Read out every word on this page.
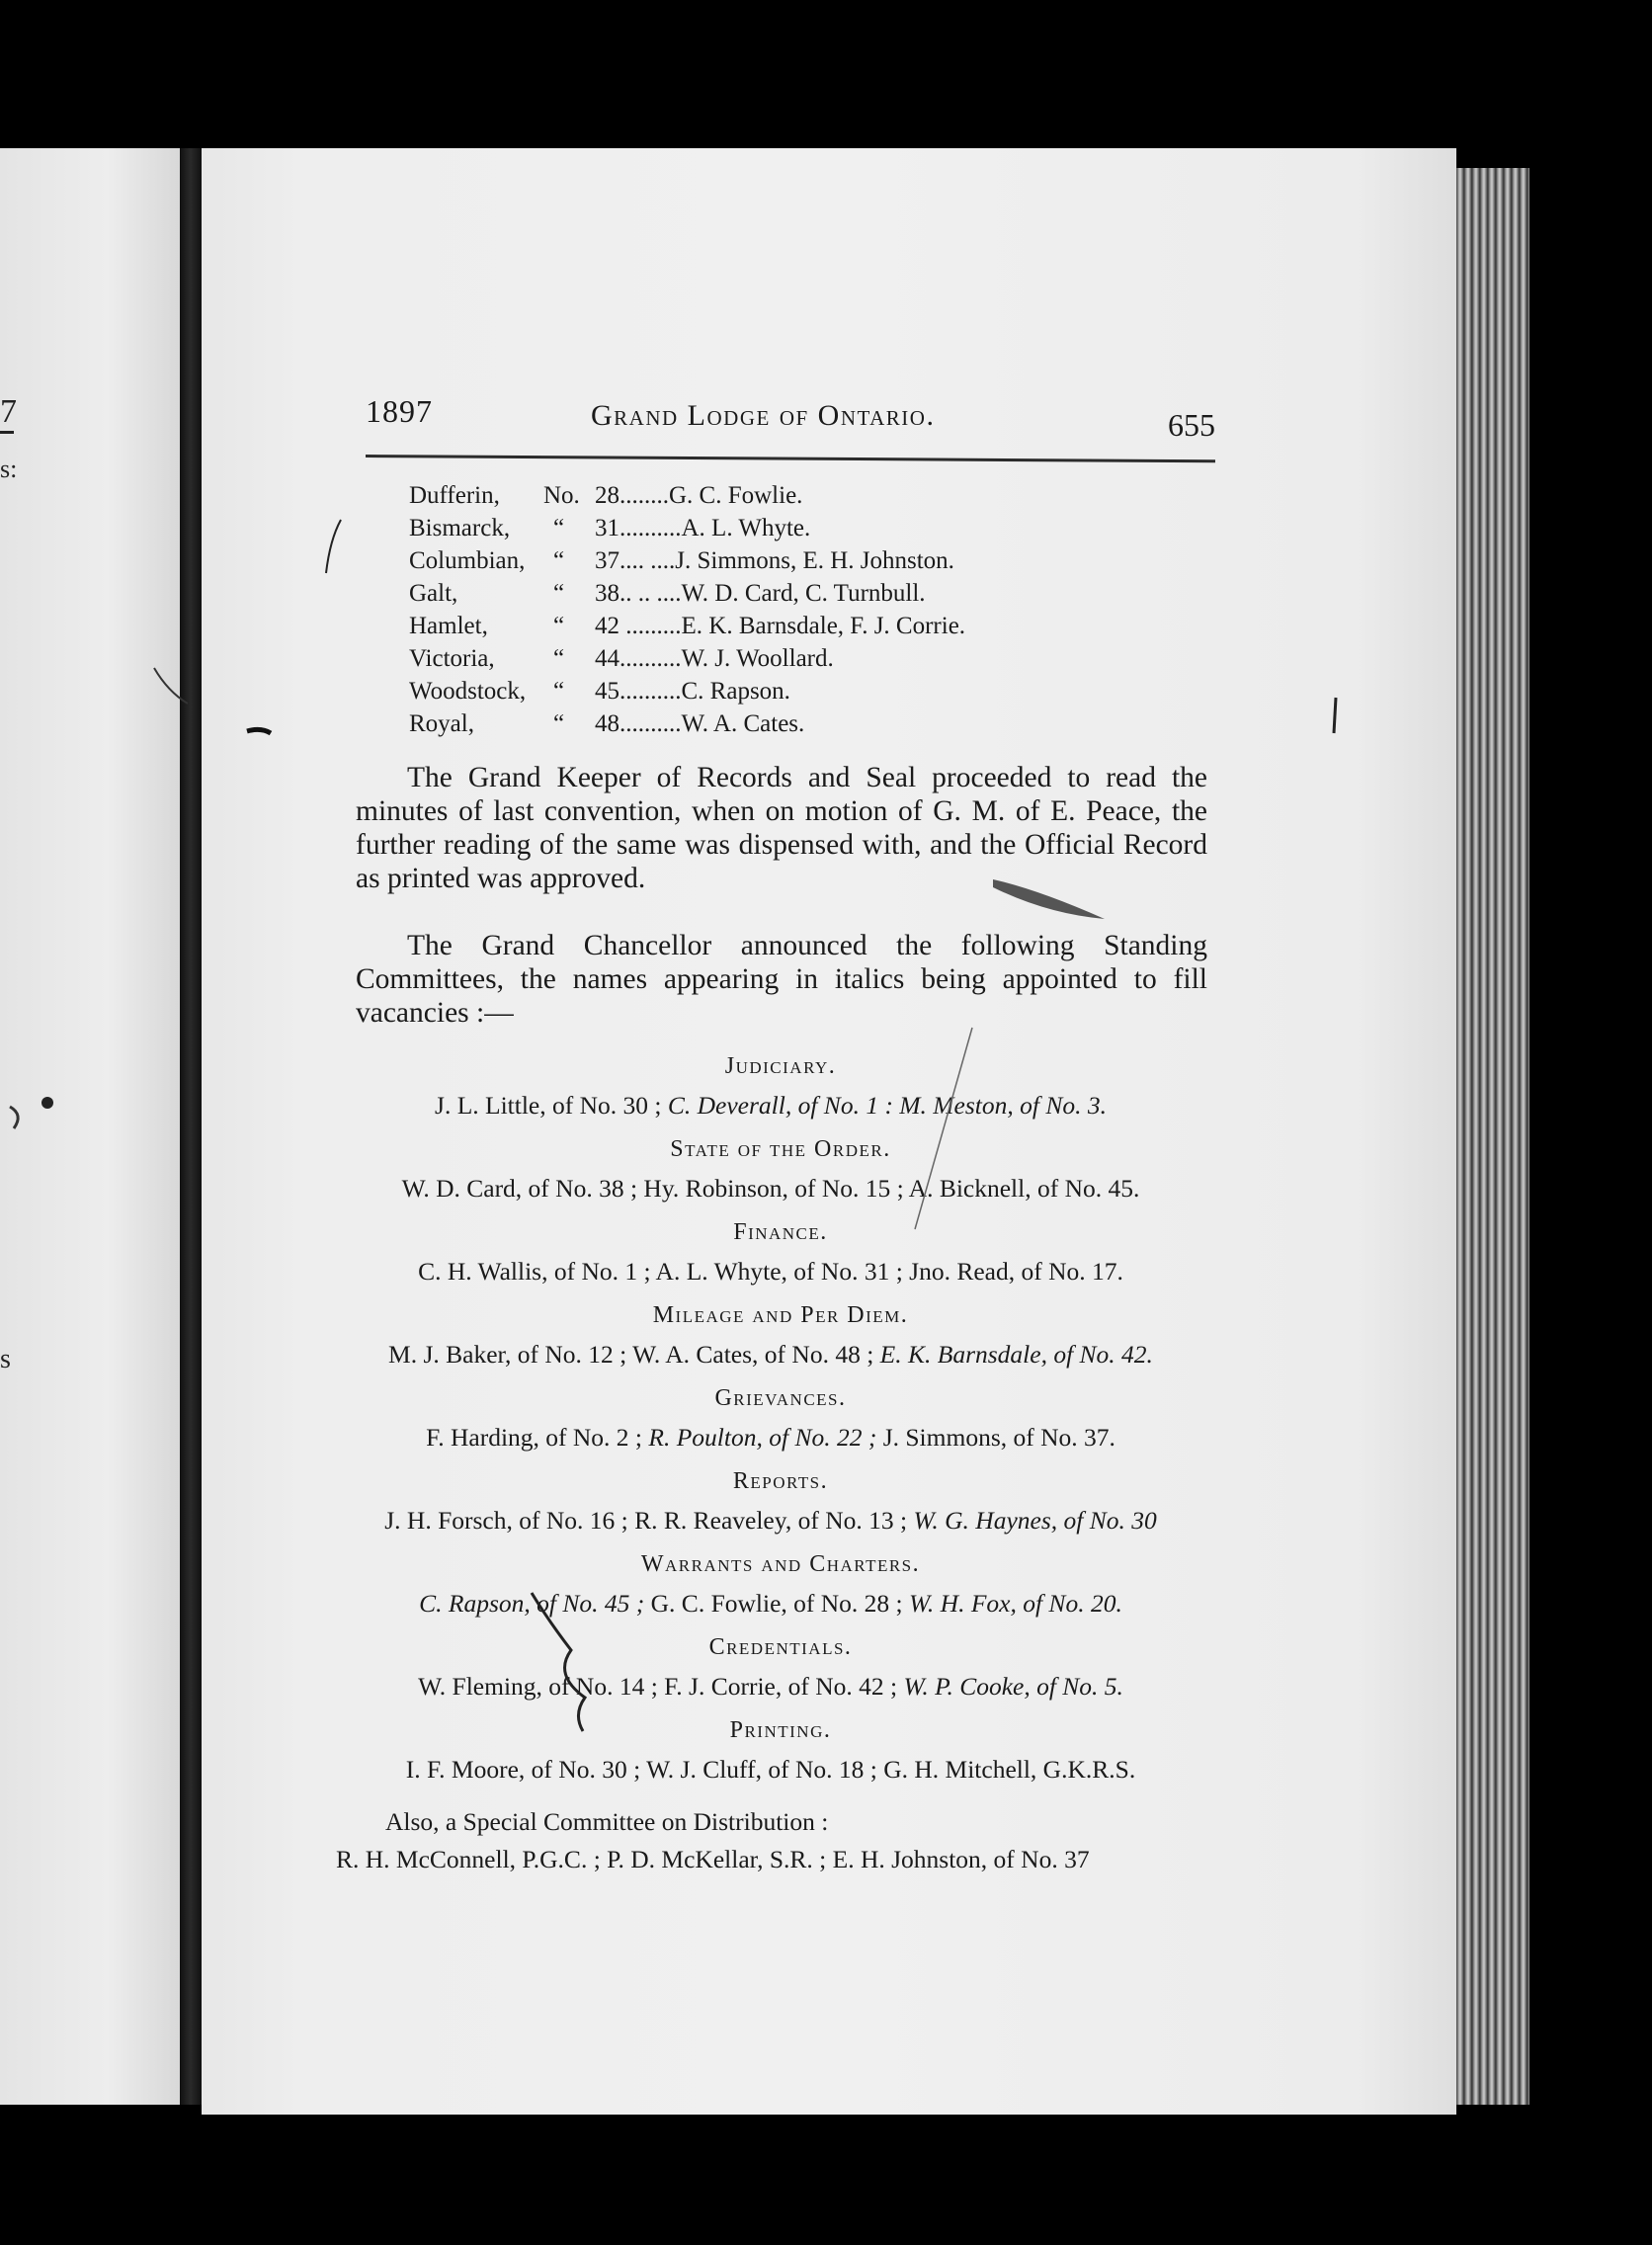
7
s:
s
1897	Grand Lodge of Ontario.	655
Dufferin, No. 28........G. C. Fowlie.
Bismarck, “ 31..........A. L. Whyte.
Columbian, “ 37.... ....J. Simmons, E. H. Johnston.
Galt,	“ 38.. .. ....W. D. Card, C. Turnbull.
Hamlet,	“ 42 .........E. K. Barnsdale, F. J. Corrie.
Victoria, “ 44..........W. J. Woollard.
Woodstock, “ 45..........C. Rapson.
Royal,	“ 48..........W. A. Cates.

The Grand Keeper of Records and Seal proceeded to read the minutes of last convention, when on motion of G. M. of E. Peace, the further reading of the same was dispensed with, and the Official Record as printed was approved.

The Grand Chancellor announced the following Standing Committees, the names appearing in italics being appointed to fill vacancies :—

Judiciary.
J. L. Little, of No. 30 ; C. Deverall, of No. 1 : M. Meston, of No. 3.
State of the Order.
W. D. Card, of No. 38 ; Hy. Robinson, of No. 15 ; A. Bicknell, of No. 45.
Finance.
C. H. Wallis, of No. 1 ; A. L. Whyte, of No. 31 ; Jno. Read, of No. 17.
Mileage and Per Diem.
M. J. Baker, of No. 12 ; W. A. Cates, of No. 48 ; E. K. Barnsdale, of No. 42.
Grievances.
F. Harding, of No. 2 ; R. Poulton, of No. 22 ; J. Simmons, of No. 37.
Reports.
J. H. Forsch, of No. 16 ; R. R. Reaveley, of No. 13 ; W. G. Haynes, of No. 30
Warrants and Charters.
C. Rapson, of No. 45 ; G. C. Fowlie, of No. 28 ; W. H. Fox, of No. 20.
Credentials.
W. Fleming, of No. 14 ; F. J. Corrie, of No. 42 ; W. P. Cooke, of No. 5.
Printing.
I. F. Moore, of No. 30 ; W. J. Cluff, of No. 18 ; G. H. Mitchell, G.K.R.S.
Also, a Special Committee on Distribution :
R. H. McConnell, P.G.C. ; P. D. McKellar, S.R. ; E. H. Johnston, of No. 37
